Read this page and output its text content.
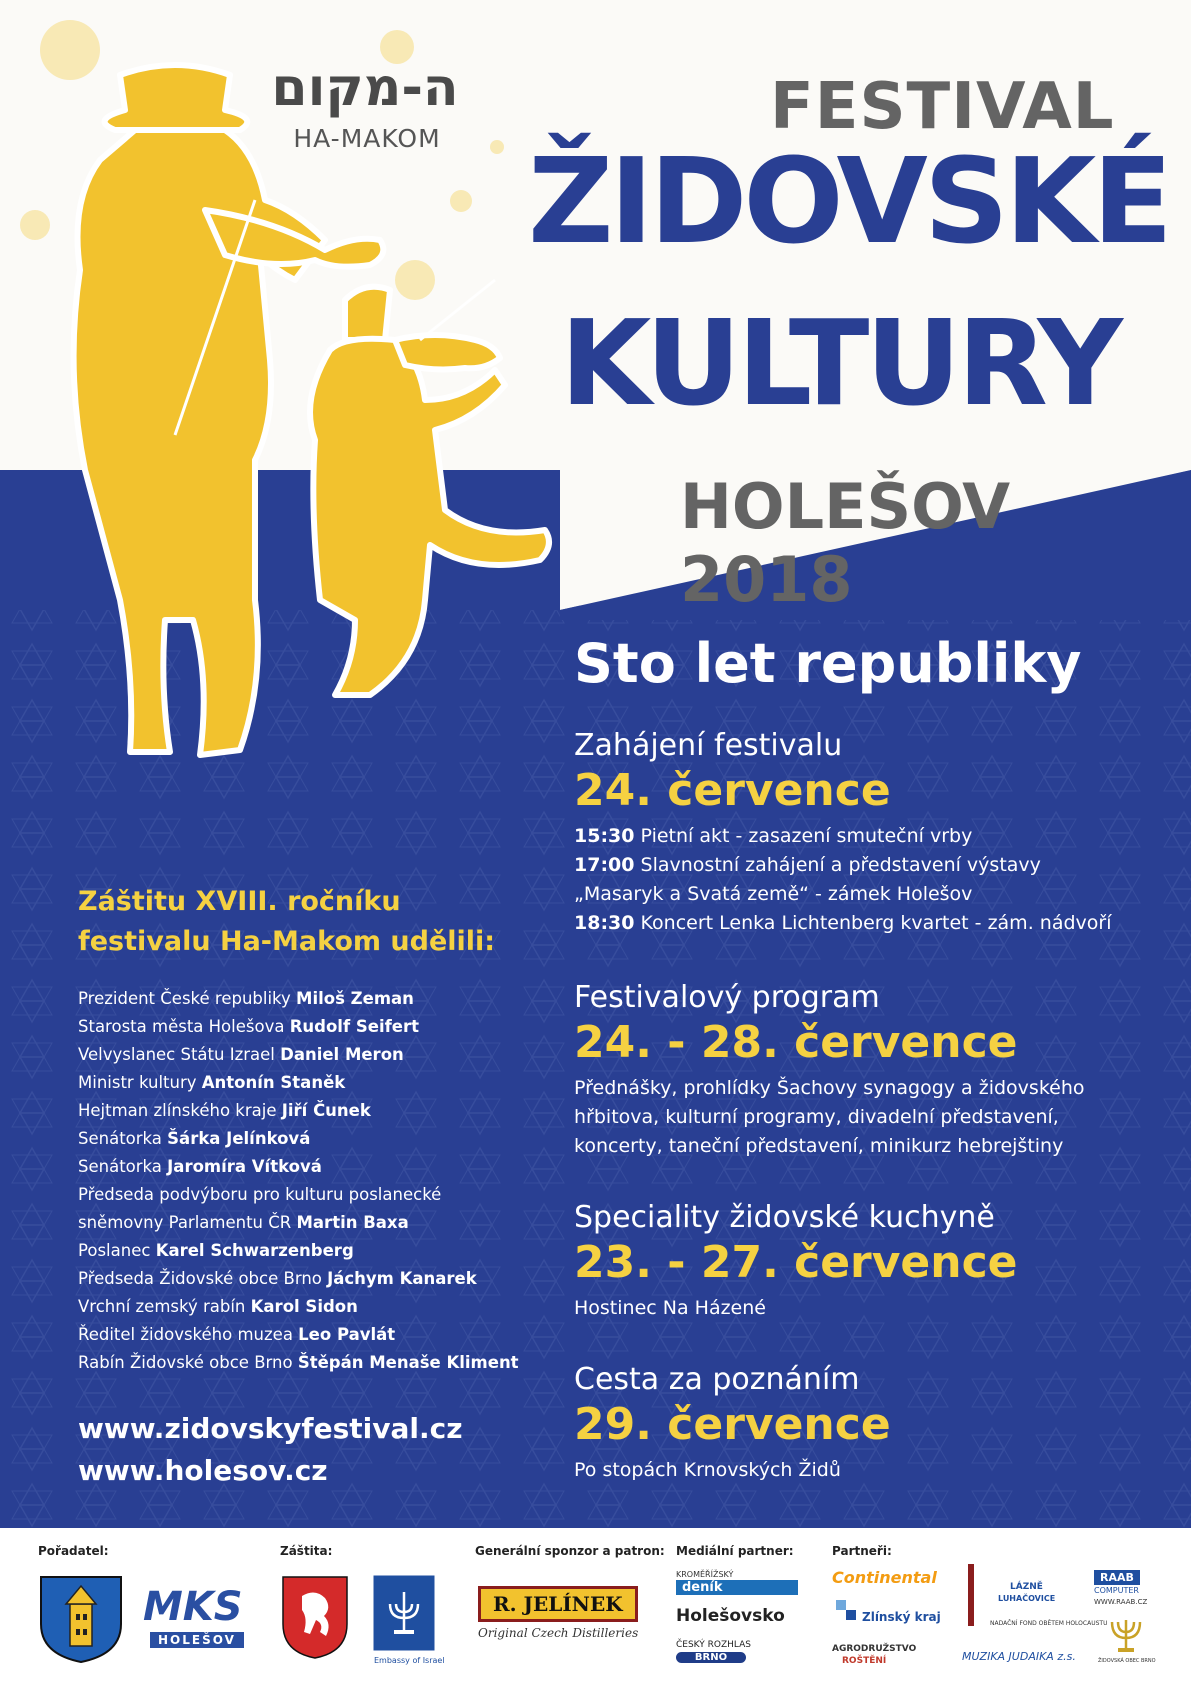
ה-מקום
HA-MAKOM	FESTIVAL
ŽIDOVSKÉ
KULTURY
HOLEŠOV 2018
Sto let republiky

Zahájení festivalu

24. července

15:30 Pietní akt - zasazení smuteční vrby

17:00 Slavnostní zahájení a představení výstavy

„Masaryk a Svatá země“ - zámek Holešov

18:30 Koncert Lenka Lichtenberg kvartet - zám. nádvoří

Festivalový program

24. - 28. července

Přednášky, prohlídky Šachovy synagogy a židovského

hřbitova, kulturní programy, divadelní představení,

koncerty, taneční představení, minikurz hebrejštiny

Speciality židovské kuchyně

23. - 27. července

Hostinec Na Házené

Cesta za poznáním

29. července

Po stopách Krnovských Židů

Záštitu XVIII. ročníku
festivalu Ha-Makom udělili:

Prezident České republiky Miloš Zeman

Starosta města Holešova Rudolf Seifert

Velvyslanec Státu Izrael Daniel Meron

Ministr kultury Antonín Staněk

Hejtman zlínského kraje Jiří Čunek

Senátorka Šárka Jelínková

Senátorka Jaromíra Vítková

Předseda podvýboru pro kulturu poslanecké

sněmovny Parlamentu ČR Martin Baxa

Poslanec Karel Schwarzenberg

Předseda Židovské obce Brno Jáchym Kanarek

Vrchní zemský rabín Karol Sidon

Ředitel židovského muzea Leo Pavlát

Rabín Židovské obce Brno Štěpán Menaše Kliment

www.zidovskyfestival.cz
www.holesov.cz
Pořadatel:	Záštita:	Generální sponzor a patron: Mediální partner:	Partneři:
MKS
HOLEŠOV
Embassy of Israel
R. JELÍNEK
Original Czech Distilleries
KROMĚŘÍŽSKÝ
deník
Holešovsko
ČESKÝ ROZHLAS
BRNO
Continental
Zlínský kraj
AGRODRUŽSTVO
ROŠTĚNÍ
LÁZNĚ
LUHAČOVICE
NADAČNÍ FOND OBĚTEM HOLOCAUSTU
MUZIKA JUDAIKA z.s.
RAAB
COMPUTER
WWW.RAAB.CZ
ŽIDOVSKÁ OBEC BRNO
